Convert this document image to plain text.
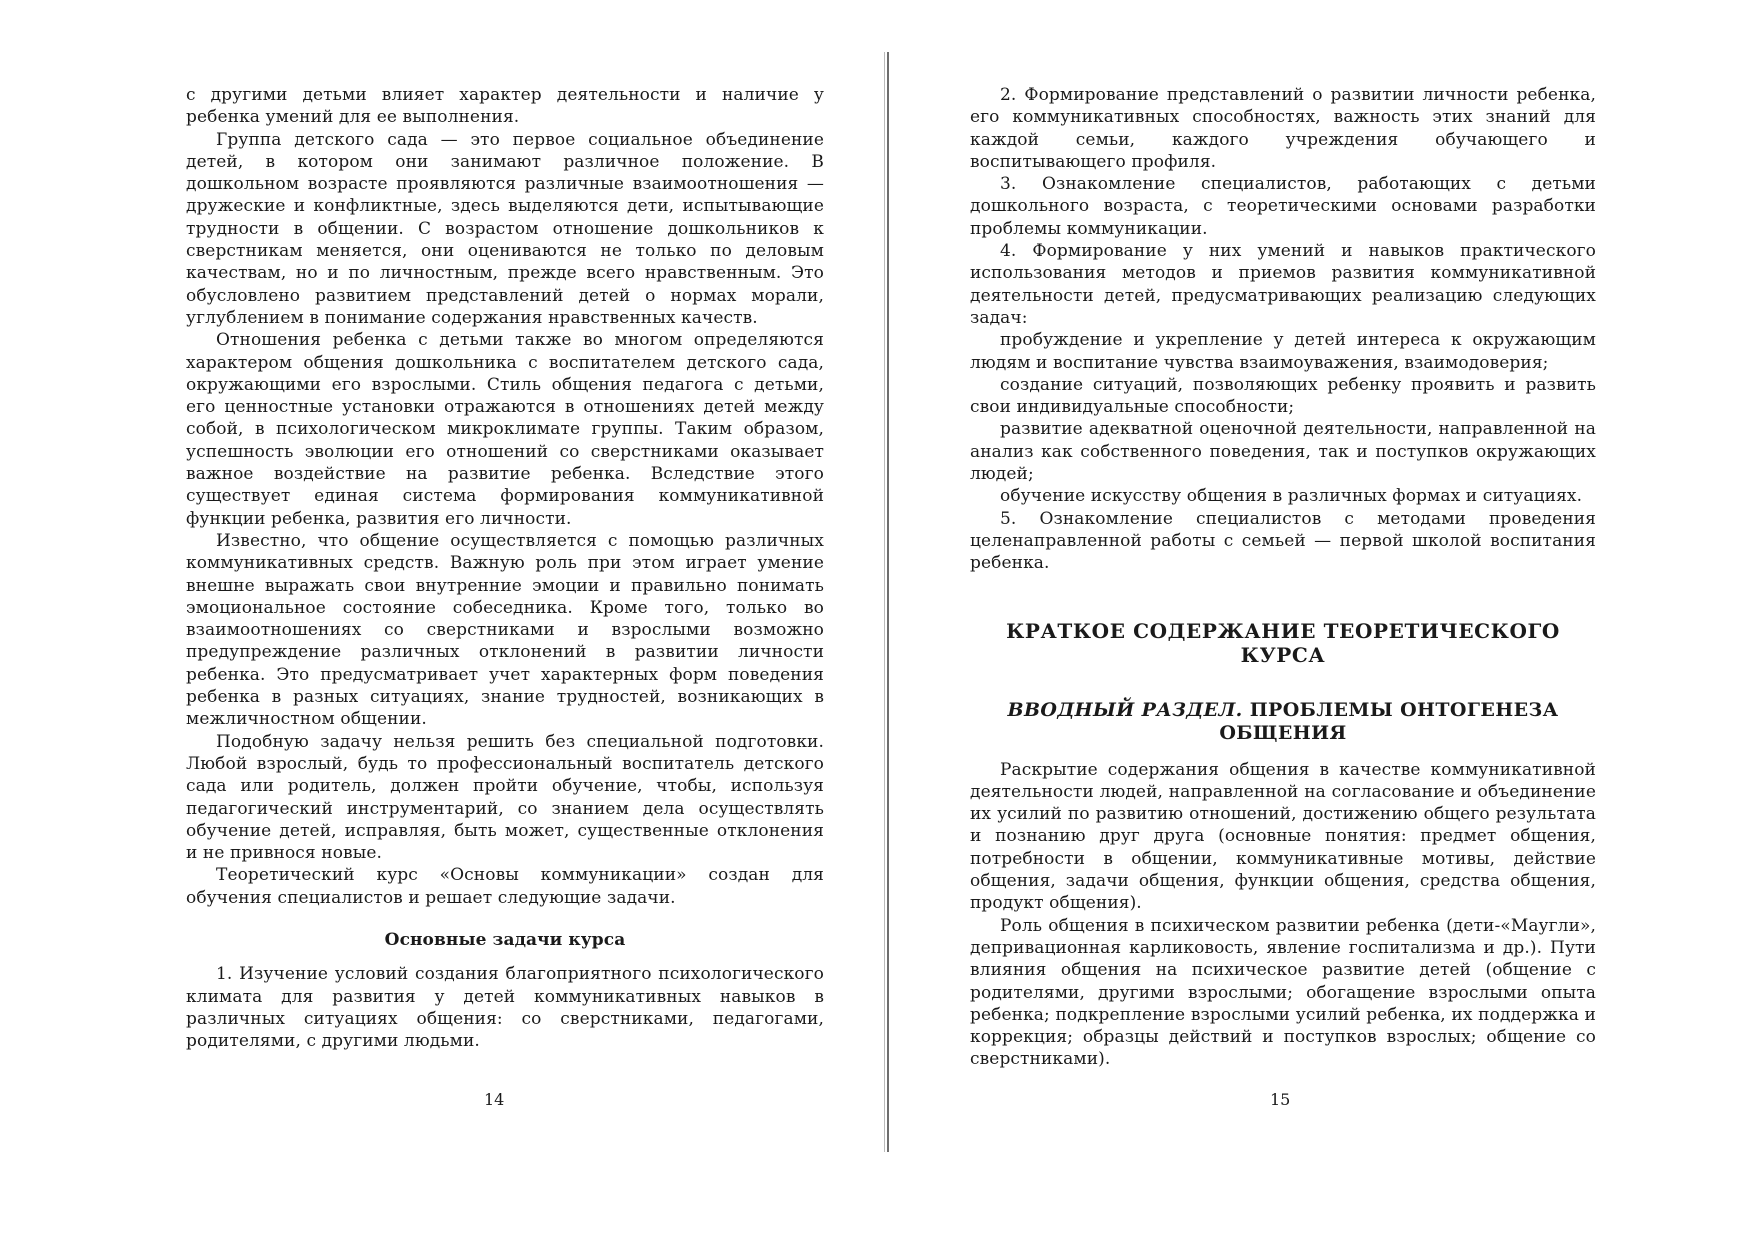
с другими детьми влияет характер деятельности и наличие у ребенка умений для ее выполнения.

Группа детского сада — это первое социальное объединение детей, в котором они занимают различное положение. В дошкольном возрасте проявляются различные взаимоотношения — дружеские и конфликтные, здесь выделяются дети, испытывающие трудности в общении. С возрастом отношение дошкольников к сверстникам меняется, они оцениваются не только по деловым качествам, но и по личностным, прежде всего нравственным. Это обусловлено развитием представлений детей о нормах морали, углублением в понимание содержания нравственных качеств.

Отношения ребенка с детьми также во многом определяются характером общения дошкольника с воспитателем детского сада, окружающими его взрослыми. Стиль общения педагога с детьми, его ценностные установки отражаются в отношениях детей между собой, в психологическом микроклимате группы. Таким образом, успешность эволюции его отношений со сверстниками оказывает важное воздействие на развитие ребенка. Вследствие этого существует единая система формирования коммуникативной функции ребенка, развития его личности.

Известно, что общение осуществляется с помощью различных коммуникативных средств. Важную роль при этом играет умение внешне выражать свои внутренние эмоции и правильно понимать эмоциональное состояние собеседника. Кроме того, только во взаимоотношениях со сверстниками и взрослыми возможно предупреждение различных отклонений в развитии личности ребенка. Это предусматривает учет характерных форм поведения ребенка в разных ситуациях, знание трудностей, возникающих в межличностном общении.

Подобную задачу нельзя решить без специальной подготовки. Любой взрослый, будь то профессиональный воспитатель детского сада или родитель, должен пройти обучение, чтобы, используя педагогический инструментарий, со знанием дела осуществлять обучение детей, исправляя, быть может, существенные отклонения и не привнося новые.

Теоретический курс «Основы коммуникации» создан для обучения специалистов и решает следующие задачи.

Основные задачи курса

1. Изучение условий создания благоприятного психологического климата для развития у детей коммуникативных навыков в различных ситуациях общения: со сверстниками, педагогами, родителями, с другими людьми.

14

2. Формирование представлений о развитии личности ребенка, его коммуникативных способностях, важность этих знаний для каждой семьи, каждого учреждения обучающего и воспитывающего профиля.

3. Ознакомление специалистов, работающих с детьми дошкольного возраста, с теоретическими основами разработки проблемы коммуникации.

4. Формирование у них умений и навыков практического использования методов и приемов развития коммуникативной деятельности детей, предусматривающих реализацию следующих задач:

пробуждение и укрепление у детей интереса к окружающим людям и воспитание чувства взаимоуважения, взаимодоверия;

создание ситуаций, позволяющих ребенку проявить и развить свои индивидуальные способности;

развитие адекватной оценочной деятельности, направленной на анализ как собственного поведения, так и поступков окружающих людей;

обучение искусству общения в различных формах и ситуациях.

5. Ознакомление специалистов с методами проведения целенаправленной работы с семьей — первой школой воспитания ребенка.

КРАТКОЕ СОДЕРЖАНИЕ ТЕОРЕТИЧЕСКОГО
КУРСА
ВВОДНЫЙ РАЗДЕЛ. ПРОБЛЕМЫ ОНТОГЕНЕЗА
ОБЩЕНИЯ

Раскрытие содержания общения в качестве коммуникативной деятельности людей, направленной на согласование и объединение их усилий по развитию отношений, достижению общего результата и познанию друг друга (основные понятия: предмет общения, потребности в общении, коммуникативные мотивы, действие общения, задачи общения, функции общения, средства общения, продукт общения).

Роль общения в психическом развитии ребенка (дети-«Маугли», депривационная карликовость, явление госпитализма и др.). Пути влияния общения на психическое развитие детей (общение с родителями, другими взрослыми; обогащение взрослыми опыта ребенка; подкрепление взрослыми усилий ребенка, их поддержка и коррекция; образцы действий и поступков взрослых; общение со сверстниками).

15
